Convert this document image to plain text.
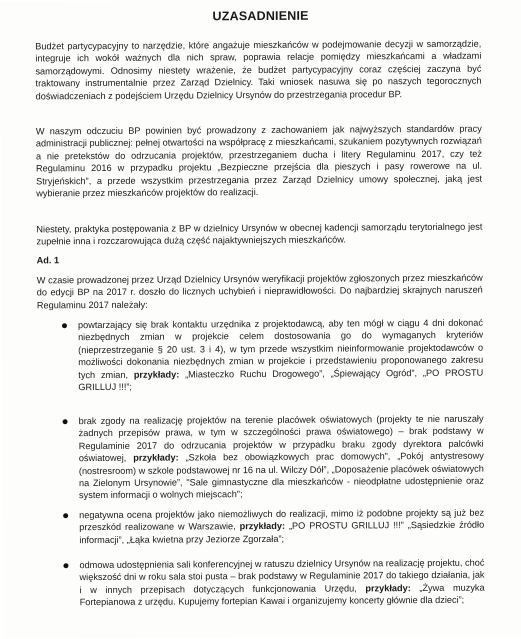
UZASADNIENIE

Budżet partycypacyjny to narzędzie, które angażuje mieszkańców w podejmowanie decyzji w samorządzie, integruje ich wokół ważnych dla nich spraw, poprawia relacje pomiędzy mieszkańcami a władzami samorządowymi. Odnosimy niestety wrażenie, że budżet partycypacyjny coraz częściej zaczyna być traktowany instrumentalnie przez Zarząd Dzielnicy. Taki wniosek nasuwa się po naszych tegorocznych doświadczeniach z podejściem Urzędu Dzielnicy Ursynów do przestrzegania procedur BP.

W naszym odczuciu BP powinien być prowadzony z zachowaniem jak najwyższych standardów pracy administracji publicznej: pełnej otwartości na współpracę z mieszkańcami, szukaniem pozytywnych rozwiązań a nie pretekstów do odrzucania projektów, przestrzeganiem ducha i litery Regulaminu 2017, czy też Regulaminu 2016 w przypadku projektu „Bezpieczne przejścia dla pieszych i pasy rowerowe na ul. Stryjeńskich”, a przede wszystkim przestrzegania przez Zarząd Dzielnicy umowy społecznej, jaką jest wybieranie przez mieszkańców projektów do realizacji.

Niestety, praktyka postępowania z BP w dzielnicy Ursynów w obecnej kadencji samorządu terytorialnego jest zupełnie inna i rozczarowująca dużą część najaktywniejszych mieszkańców.

Ad. 1

W czasie prowadzonej przez Urząd Dzielnicy Ursynów weryfikacji projektów zgłoszonych przez mieszkańców do edycji BP na 2017 r. doszło do licznych uchybień i nieprawidłowości. Do najbardziej skrajnych naruszeń Regulaminu 2017 należały:

powtarzający się brak kontaktu urzędnika z projektodawcą, aby ten mógł w ciągu 4 dni dokonać niezbędnych zmian w projekcie celem dostosowania go do wymaganych kryteriów (nieprzestrzeganie § 20 ust. 3 i 4), w tym przede wszystkim nieinformowanie projektodawców o możliwości dokonania niezbędnych zmian w projekcie i przedstawieniu proponowanego zakresu tych zmian, przykłady: „Miasteczko Ruchu Drogowego”, „Śpiewający Ogród”, „PO PROSTU GRILLUJ !!!”;
brak zgody na realizację projektów na terenie placówek oświatowych (projekty te nie naruszały żadnych przepisów prawa, w tym w szczególności prawa oświatowego) – brak podstawy w Regulaminie 2017 do odrzucania projektów w przypadku braku zgody dyrektora palcówki oświatowej, przykłady: „Szkoła bez obowiązkowych prac domowych”, „Pokój antystresowy (nostresroom) w szkole podstawowej nr 16 na ul. Wilczy Dół”, „Doposażenie placówek oświatowych na Zielonym Ursynowie”, "Sale gimnastyczne dla mieszkańców - nieodpłatne udostępnienie oraz system informacji o wolnych miejscach";
negatywna ocena projektów jako niemożliwych do realizacji, mimo iż podobne projekty są już bez przeszkód realizowane w Warszawie, przykłady: „PO PROSTU GRILLUJ !!!” „Sąsiedzkie źródło informacji”, „Łąka kwietna przy Jeziorze Zgorzała”;
odmowa udostępnienia sali konferencyjnej w ratuszu dzielnicy Ursynów na realizację projektu, choć większość dni w roku sala stoi pusta – brak podstawy w Regulaminie 2017 do takiego działania, jak i w innych przepisach dotyczących funkcjonowania Urzędu, przykłady: „Żywa muzyka Fortepianowa z urzędu. Kupujemy fortepian Kawai i organizujemy koncerty głównie dla dzieci”;
